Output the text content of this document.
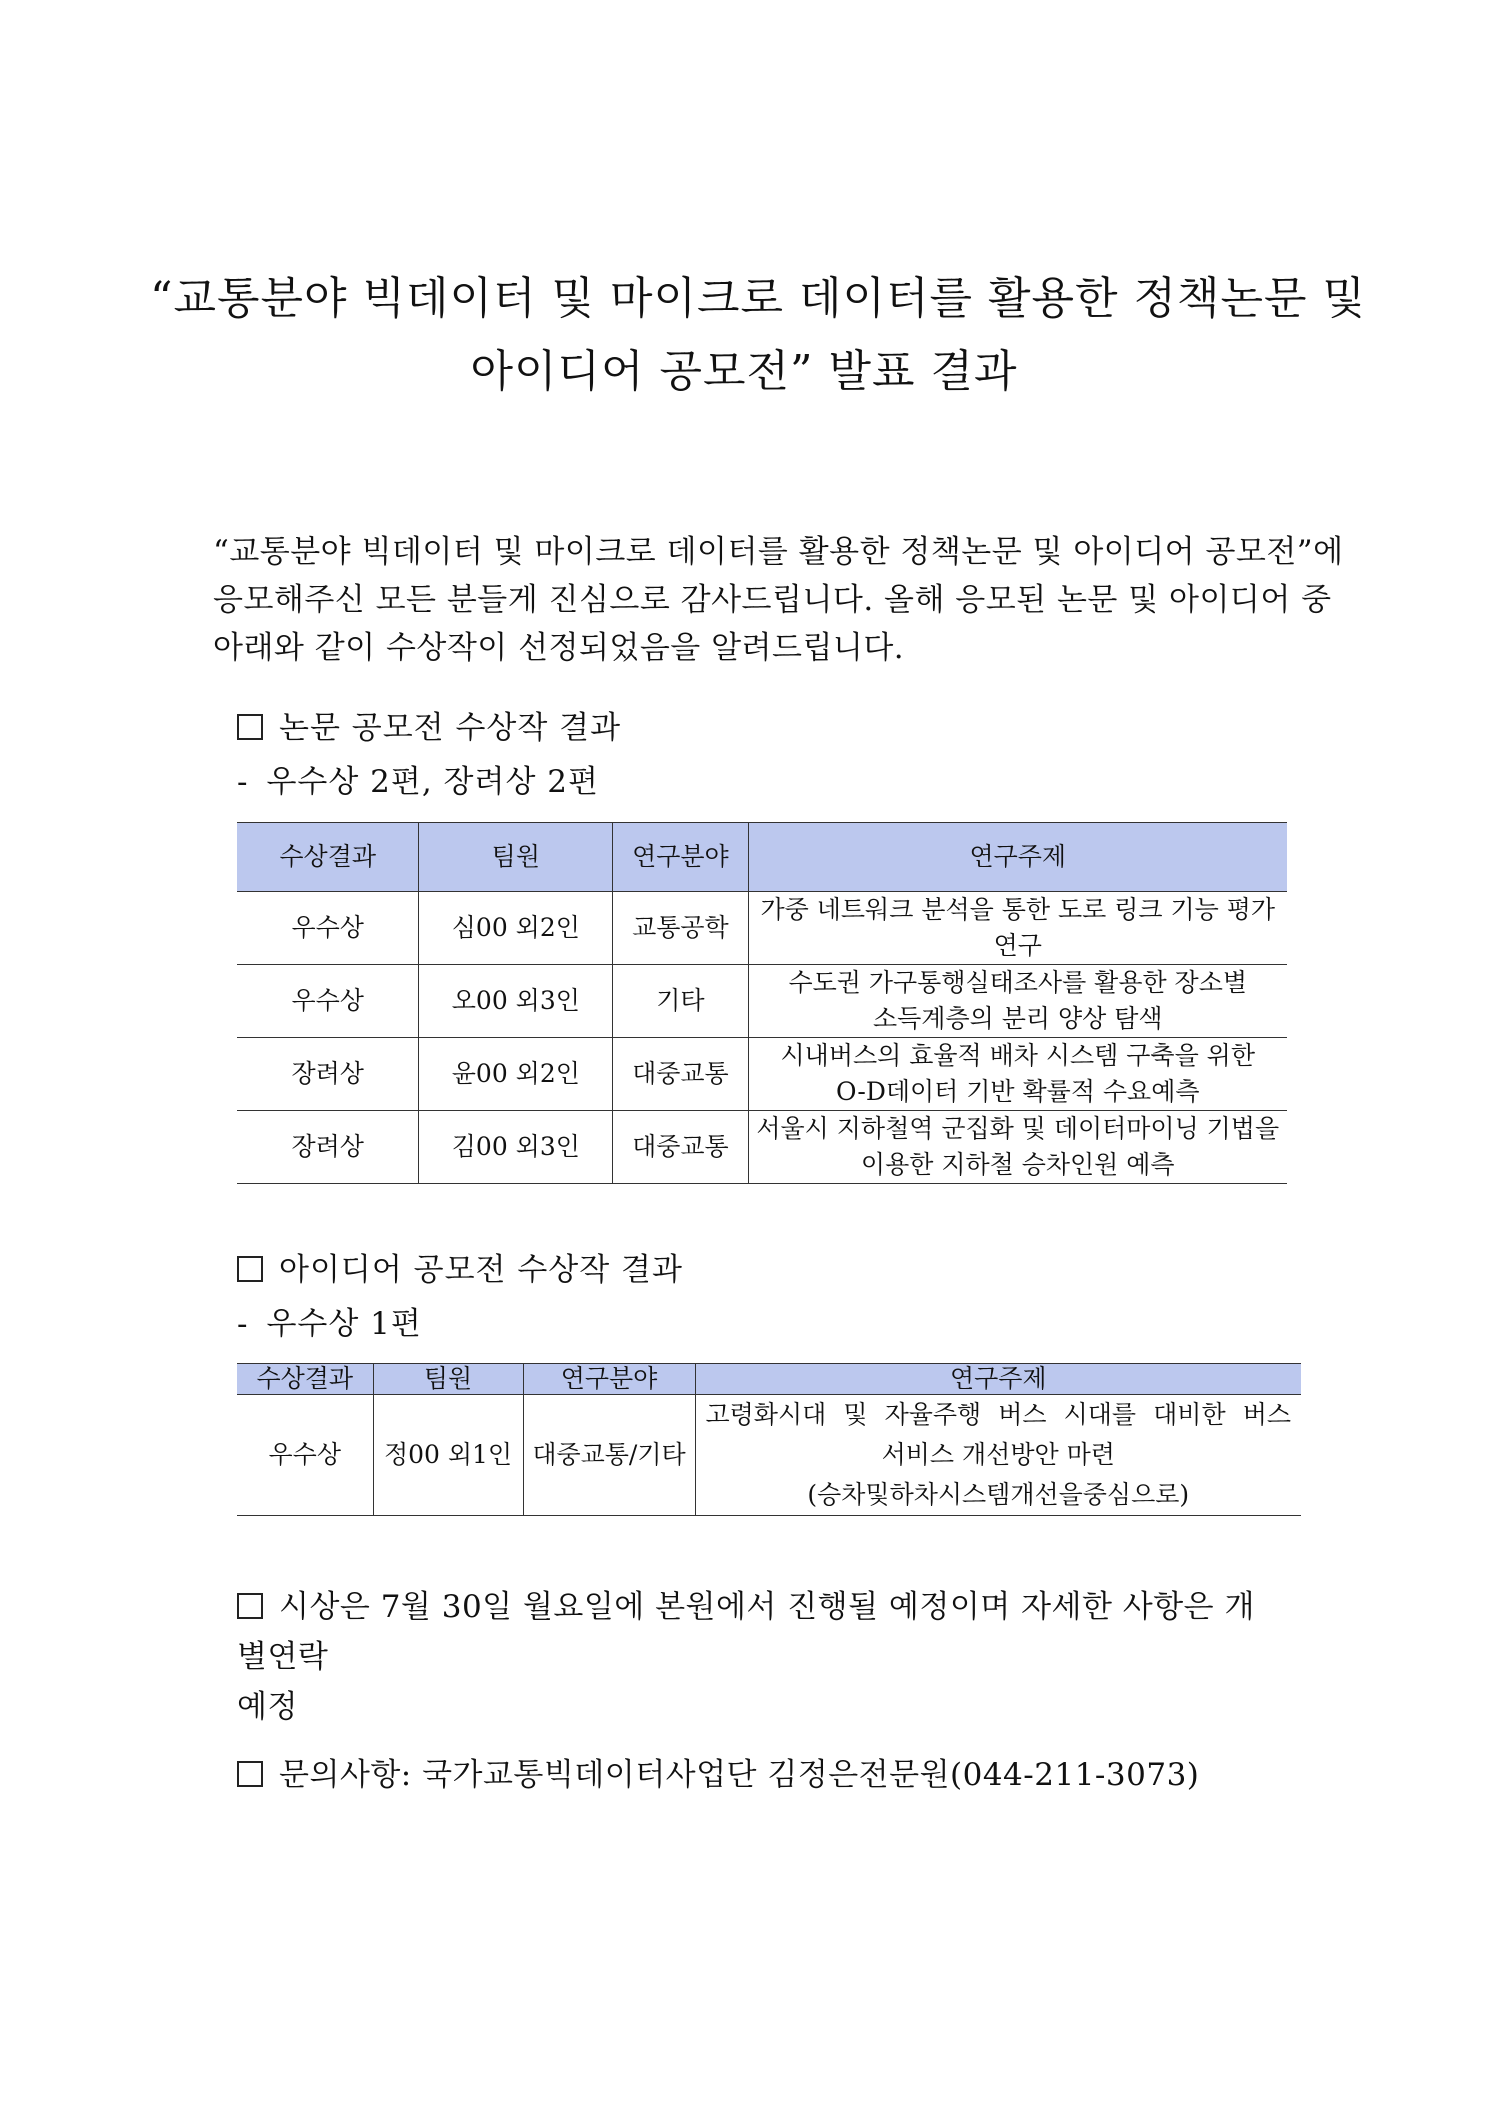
“교통분야 빅데이터 및 마이크로 데이터를 활용한 정책논문 및
아이디어 공모전” 발표 결과
“교통분야 빅데이터 및 마이크로 데이터를 활용한 정책논문 및 아이디어 공모전”에
응모해주신 모든 분들게 진심으로 감사드립니다. 올해 응모된 논문 및 아이디어 중
아래와 같이 수상작이 선정되었음을 알려드립니다.
논문 공모전 수상작 결과
- 우수상 2편, 장려상 2편
수상결과	팀원	연구분야	연구주제
우수상	심00 외2인	교통공학	가중 네트워크 분석을 통한 도로 링크 기능 평가
연구

우수상	오00 외3인	기타	수도권 가구통행실태조사를 활용한 장소별
소득계층의 분리 양상 탐색

장려상	윤00 외2인	대중교통	시내버스의 효율적 배차 시스템 구축을 위한
O-D데이터 기반 확률적 수요예측

장려상	김00 외3인	대중교통	서울시 지하철역 군집화 및 데이터마이닝 기법을
이용한 지하철 승차인원 예측
아이디어 공모전 수상작 결과
- 우수상 1편
수상결과	팀원	연구분야	연구주제
우수상	정00 외1인	대중교통/기타	고령화시대 및 자율주행 버스 시대를 대비한 버스
서비스 개선방안 마련
(승차및하차시스템개선을중심으로)
시상은 7월 30일 월요일에 본원에서 진행될 예정이며 자세한 사항은 개별연락
예정
문의사항: 국가교통빅데이터사업단 김정은전문원(044-211-3073)
